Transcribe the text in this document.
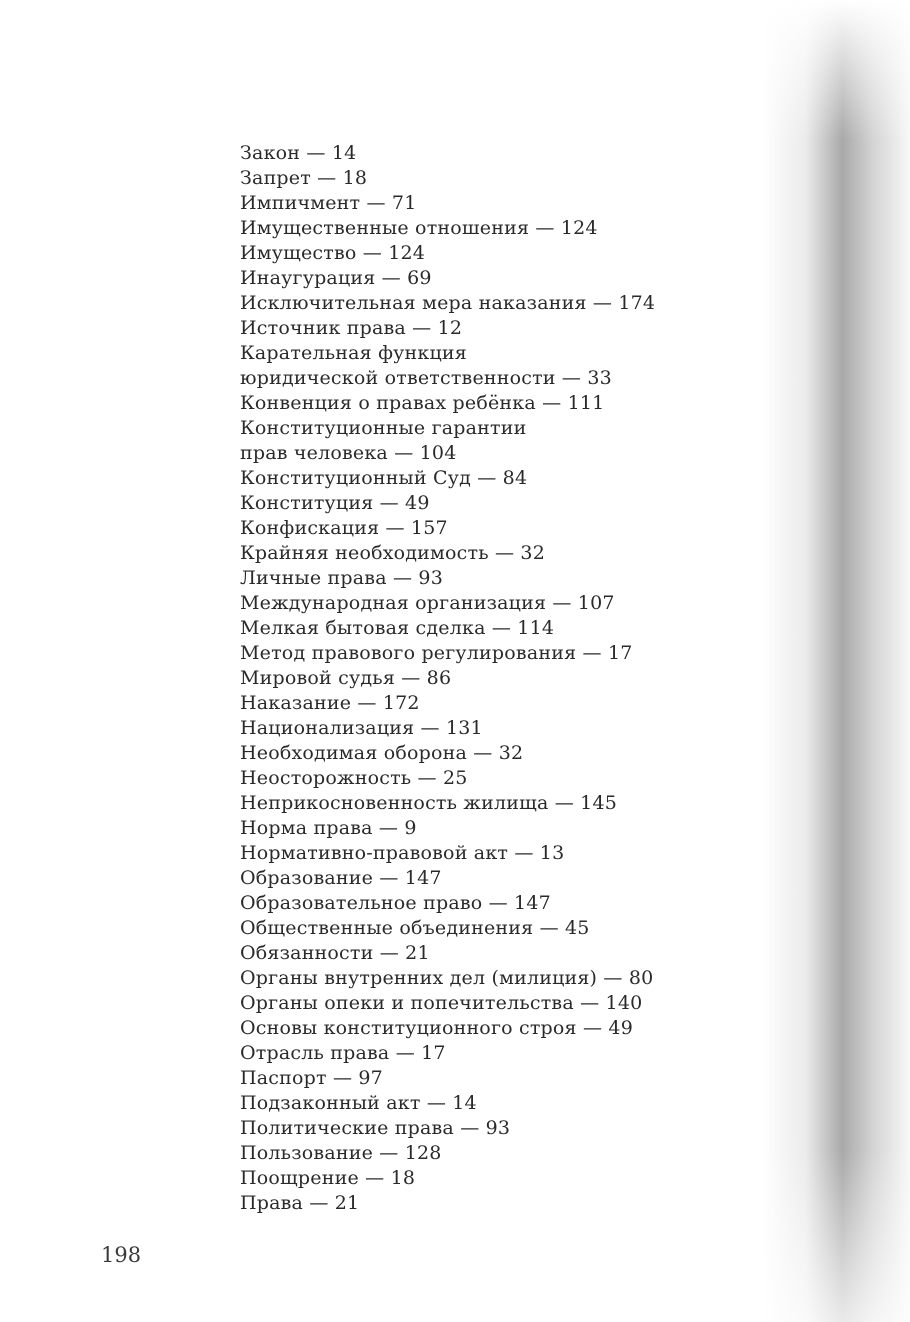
Закон — 14
Запрет — 18
Импичмент — 71
Имущественные отношения — 124
Имущество — 124
Инаугурация — 69
Исключительная мера наказания — 174
Источник права — 12
Карательная функция
юридической ответственности — 33
Конвенция о правах ребёнка — 111
Конституционные гарантии
прав человека — 104
Конституционный Суд — 84
Конституция — 49
Конфискация — 157
Крайняя необходимость — 32
Личные права — 93
Международная организация — 107
Мелкая бытовая сделка — 114
Метод правового регулирования — 17
Мировой судья — 86
Наказание — 172
Национализация — 131
Необходимая оборона — 32
Неосторожность — 25
Неприкосновенность жилища — 145
Норма права — 9
Нормативно-правовой акт — 13
Образование — 147
Образовательное право — 147
Общественные объединения — 45
Обязанности — 21
Органы внутренних дел (милиция) — 80
Органы опеки и попечительства — 140
Основы конституционного строя — 49
Отрасль права — 17
Паспорт — 97
Подзаконный акт — 14
Политические права — 93
Пользование — 128
Поощрение — 18
Права — 21
198
